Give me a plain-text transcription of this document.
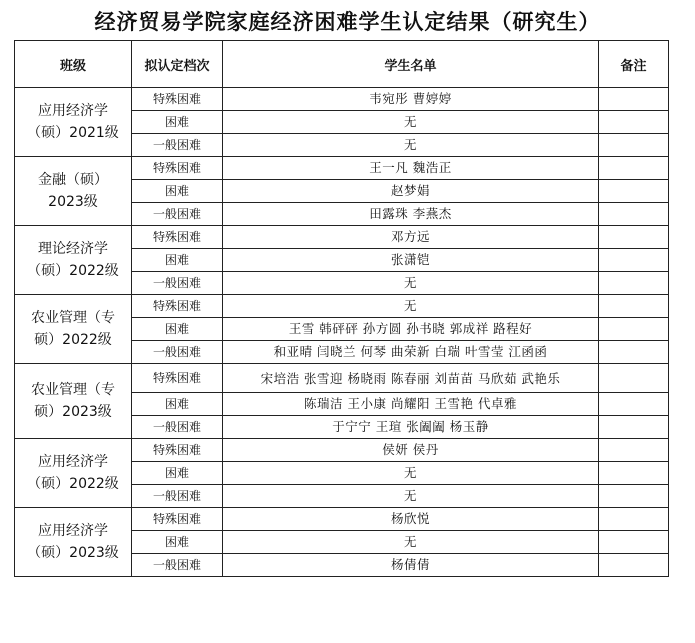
经济贸易学院家庭经济困难学生认定结果（研究生）
班级	拟认定档次	学生名单	备注
应用经济学（硕）2021级	特殊困难	韦宛彤 曹婷婷	
	困难	无	
	一般困难	无	
金融（硕）2023级	特殊困难	王一凡 魏浩正	
	困难	赵梦娟	
	一般困难	田露珠 李燕杰	
理论经济学（硕）2022级	特殊困难	邓方远	
	困难	张潇铠	
	一般困难	无	
农业管理（专硕）2022级	特殊困难	无	
	困难	王雪 韩砰砰 孙方圆 孙书晓 郭成祥 路程好	
	一般困难	和亚晴 闫晓兰 何琴 曲荣新 白瑞 叶雪莹 江函函	
农业管理（专硕）2023级	特殊困难	宋培浩 张雪迎 杨晓雨 陈春丽 刘苗苗 马欣茹 武艳乐	
	困难	陈瑞洁 王小康 尚耀阳 王雪艳 代卓雅	
	一般困难	于宁宁 王瑄 张阖阖 杨玉静	
应用经济学（硕）2022级	特殊困难	侯妍 侯丹	
	困难	无	
	一般困难	无	
应用经济学（硕）2023级	特殊困难	杨欣悦	
	困难	无	
	一般困难	杨倩倩	
